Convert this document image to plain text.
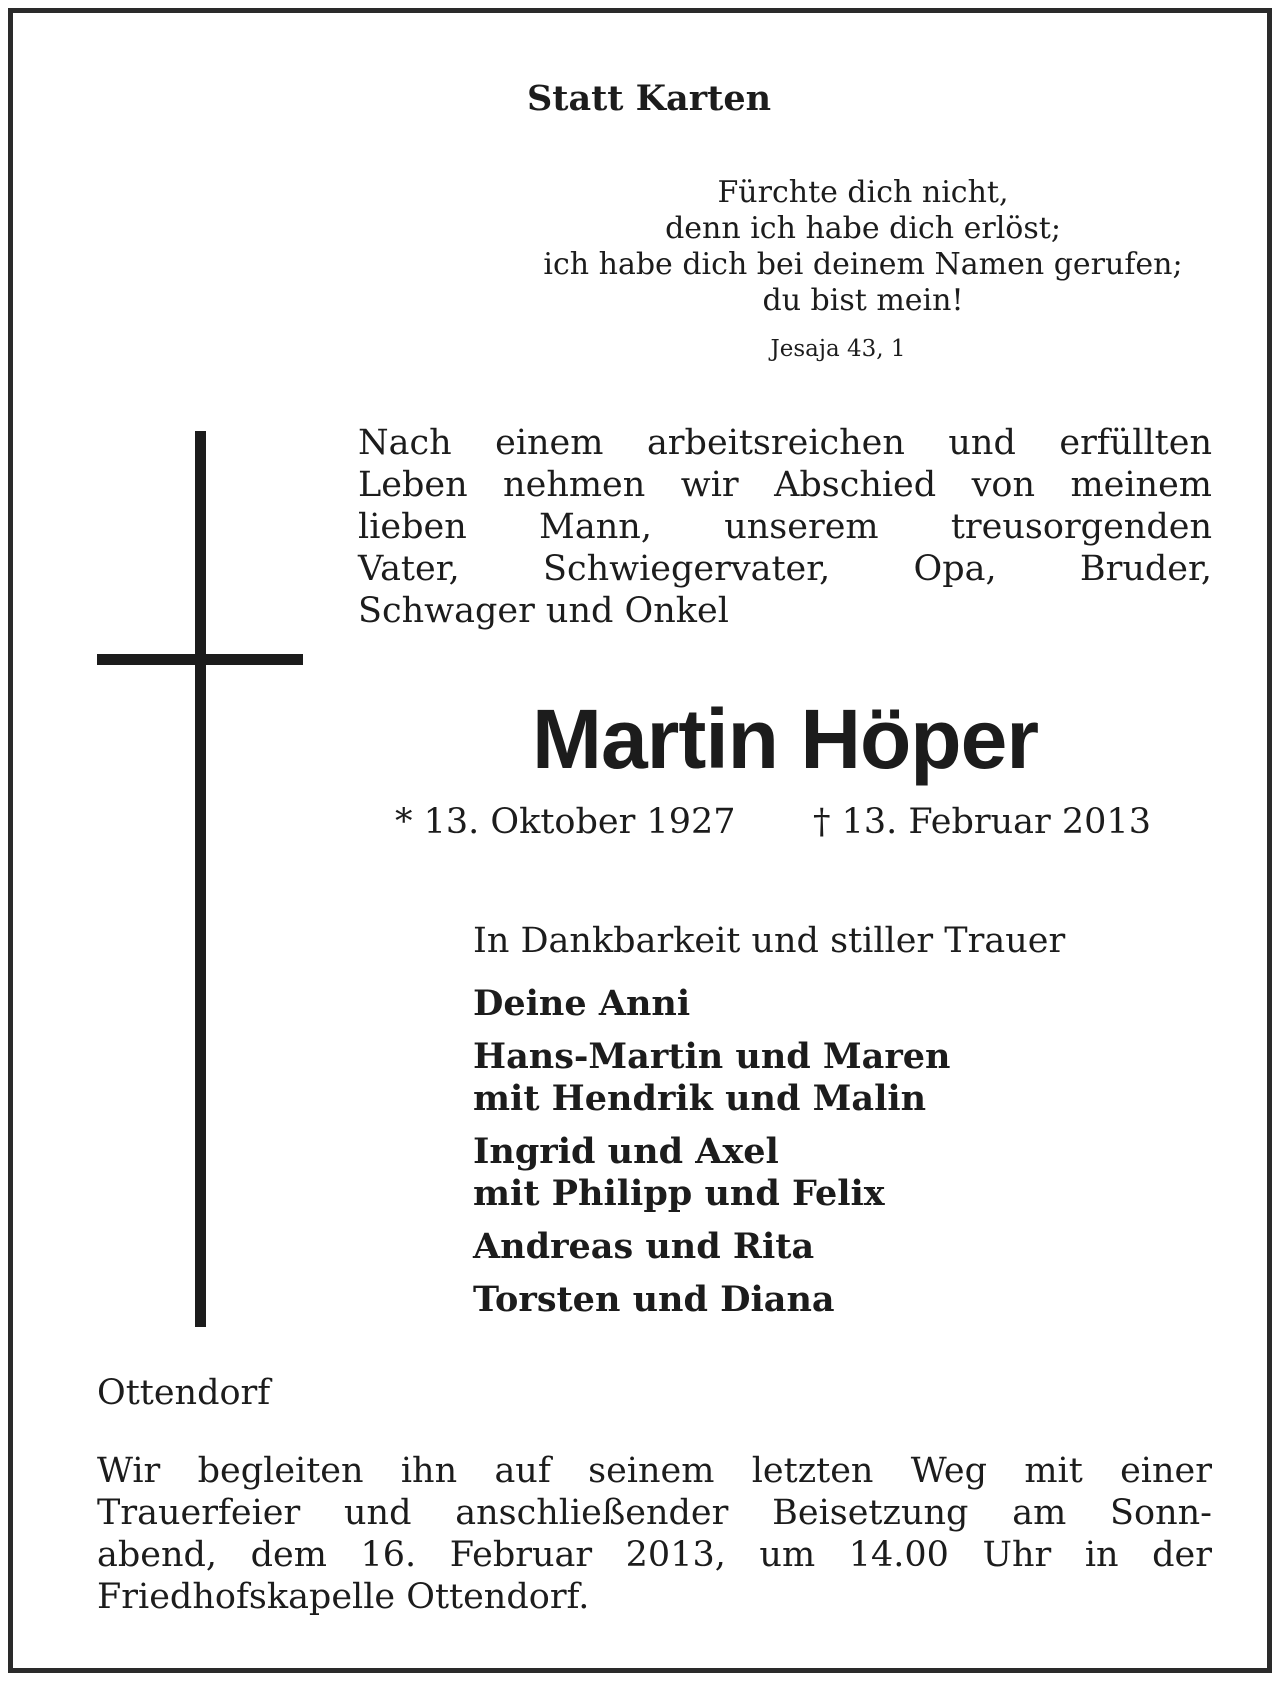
Statt Karten
Fürchte dich nicht,
denn ich habe dich erlöst;
ich habe dich bei deinem Namen gerufen;
du bist mein!
Jesaja 43, 1
Nach einem arbeitsreichen und erfüllten
Leben nehmen wir Abschied von meinem
lieben Mann, unserem treusorgenden
Vater, Schwiegervater, Opa, Bruder,
Schwager und Onkel
Martin Höper
* 13. Oktober 1927 † 13. Februar 2013
In Dankbarkeit und stiller Trauer
Deine Anni
Hans-Martin und Maren
mit Hendrik und Malin
Ingrid und Axel
mit Philipp und Felix
Andreas und Rita
Torsten und Diana
Ottendorf
Wir begleiten ihn auf seinem letzten Weg mit einer
Trauerfeier und anschließender Beisetzung am Sonn-
abend, dem 16. Februar 2013, um 14.00 Uhr in der
Friedhofskapelle Ottendorf.
